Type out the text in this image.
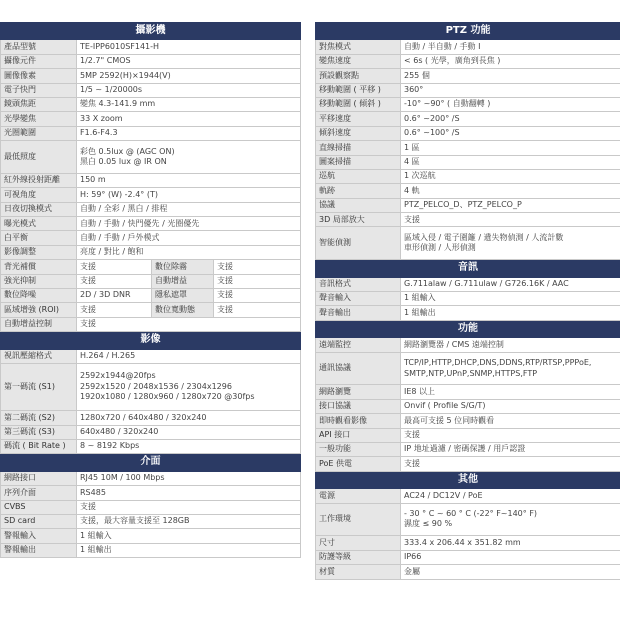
攝影機			
產品型號	TE-IPP6010SF141-H		

攝像元件	1/2.7" CMOS		

圖像像素	5MP 2592(H)×1944(V)		

電子快門	1/5 ~ 1/20000s		

鏡頭焦距	變焦 4.3-141.9 mm		

光學變焦	33 X zoom		

光圈範圍	F1.6-F4.3		

最低照度	彩色 0.5lux @ (AGC ON)
黑白 0.05 lux @ IR ON		

紅外線投射距離	150 m		

可視角度	H: 59° (W) -2.4° (T)		

日夜切換模式	自動 / 全彩 / 黑白 / 排程		

曝光模式	自動 / 手動 / 快門優先 / 光圈優先		

白平衡	自動 / 手動 / 戶外模式		

影像調整	亮度 / 對比 / 飽和		

背光補償	支援	數位除霧	支援
強光抑制	支援	自動增益	支援
數位降噪	2D / 3D DNR	隱私遮罩	支援
區域增強 (ROI)	支援	數位寬動態	支援
自動增益控制	支援		

影像			
視訊壓縮格式	H.264 / H.265		

第一碼流 (S1)	2592x1944@20fps
2592x1520 / 2048x1536 / 2304x1296
1920x1080 / 1280x960 / 1280x720 @30fps		

第二碼流 (S2)	1280x720 / 640x480 / 320x240		

第三碼流 (S3)	640x480 / 320x240		

碼流 ( Bit Rate )	8 ~ 8192 Kbps		

介面			
網路接口	RJ45 10M / 100 Mbps		

序列介面	RS485		

CVBS	支援		

SD card	支援，最大容量支援至 128GB		

警報輸入	1 組輸入		

警報輸出	1 組輸出		
PTZ 功能	
對焦模式	自動 / 半自動 / 手動 I

變焦速度	< 6s ( 光學，廣角到長焦 )

預設觀察點	255 個

移動範圍 ( 平移 )	360°

移動範圍 ( 傾斜 )	-10° ~90° ( 自動翻轉 )

平移速度	0.6° ~200° /S

傾斜速度	0.6° ~100° /S

直線掃描	1 區

圖案掃描	4 區

巡航	1 次巡航

軌跡	4 軌

協議	PTZ_PELCO_D、PTZ_PELCO_P

3D 局部放大	支援

智能偵測	區域入侵 / 電子圍籬 / 遺失物偵測 / 人流計數
車形偵測 / 人形偵測

音訊	
音訊格式	G.711alaw / G.711ulaw / G726.16K / AAC

聲音輸入	1 組輸入

聲音輸出	1 組輸出

功能	
遠端監控	網路瀏覽器 / CMS 遠端控制

通訊協議	TCP/IP,HTTP,DHCP,DNS,DDNS,RTP/RTSP,PPPoE,
SMTP,NTP,UPnP,SNMP,HTTPS,FTP

網路瀏覽	IE8 以上

接口協議	Onvif ( Profile S/G/T)

即時觀看影像	最高可支援 5 位同時觀看

API 接口	支援

一般功能	IP 地址過濾 / 密碼保護 / 用戶認證

PoE 供電	支援

其他	
電源	AC24 / DC12V / PoE

工作環境	- 30 ° C ~ 60 ° C (-22° F~140° F)
濕度 ≤ 90 %

尺寸	333.4 x 206.44 x 351.82 mm

防護等級	IP66

材質	金屬
